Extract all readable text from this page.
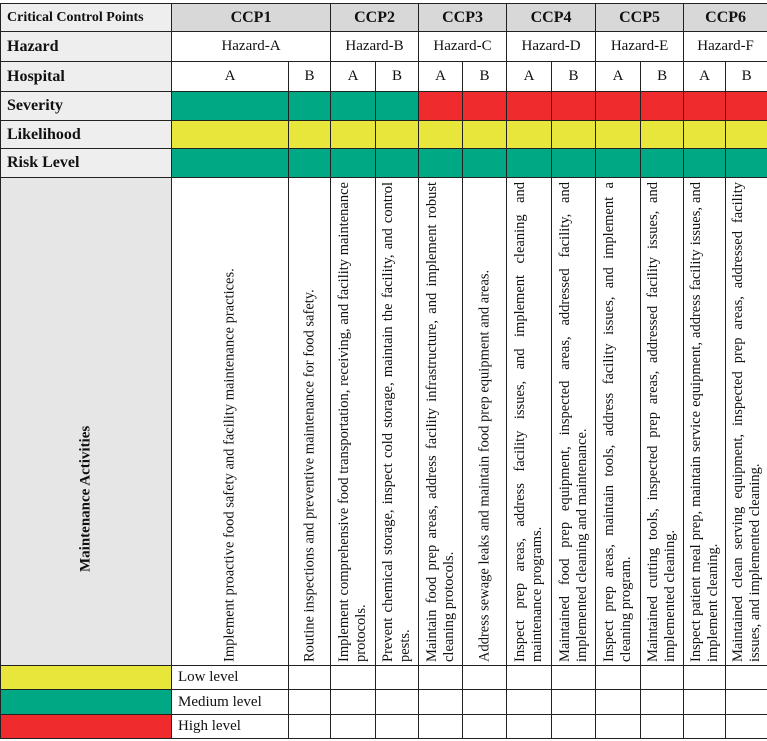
Critical Control Points	CCP1		CCP2		CCP3		CCP4		CCP5		CCP6	
Hazard	Hazard-A		Hazard-B		Hazard-C		Hazard-D		Hazard-E		Hazard-F	
Hospital	A	B	A	B	A	B	A	B	A	B	A	B
Severity												
Likelihood												
Risk Level												

Maintenance Activities	Implement proactive food safety and facility maintenance practices.	Routine inspections and preventive maintenance for food safety.	Implement comprehensive food transportation, receiving, and facility maintenance protocols.	Prevent chemical storage, inspect cold storage, maintain the facility, and control pests.	Maintain food prep areas, address facility infrastructure, and implement robust cleaning protocols.	Address sewage leaks and maintain food prep equipment and areas.	Inspect prep areas, address facility issues, and implement cleaning and maintenance programs.	Maintained food prep equipment, inspected areas, addressed facility, and implemented cleaning and maintenance.	Inspect prep areas, maintain tools, address facility issues, and implement a cleaning program.	Maintained cutting tools, inspected prep areas, addressed facility issues, and implemented cleaning.	Inspect patient meal prep, maintain service equipment, address facility issues, and implement cleaning.	Maintained clean serving equipment, inspected prep areas, addressed facility issues, and implemented cleaning.

	Low level											
	Medium level											
	High level											
